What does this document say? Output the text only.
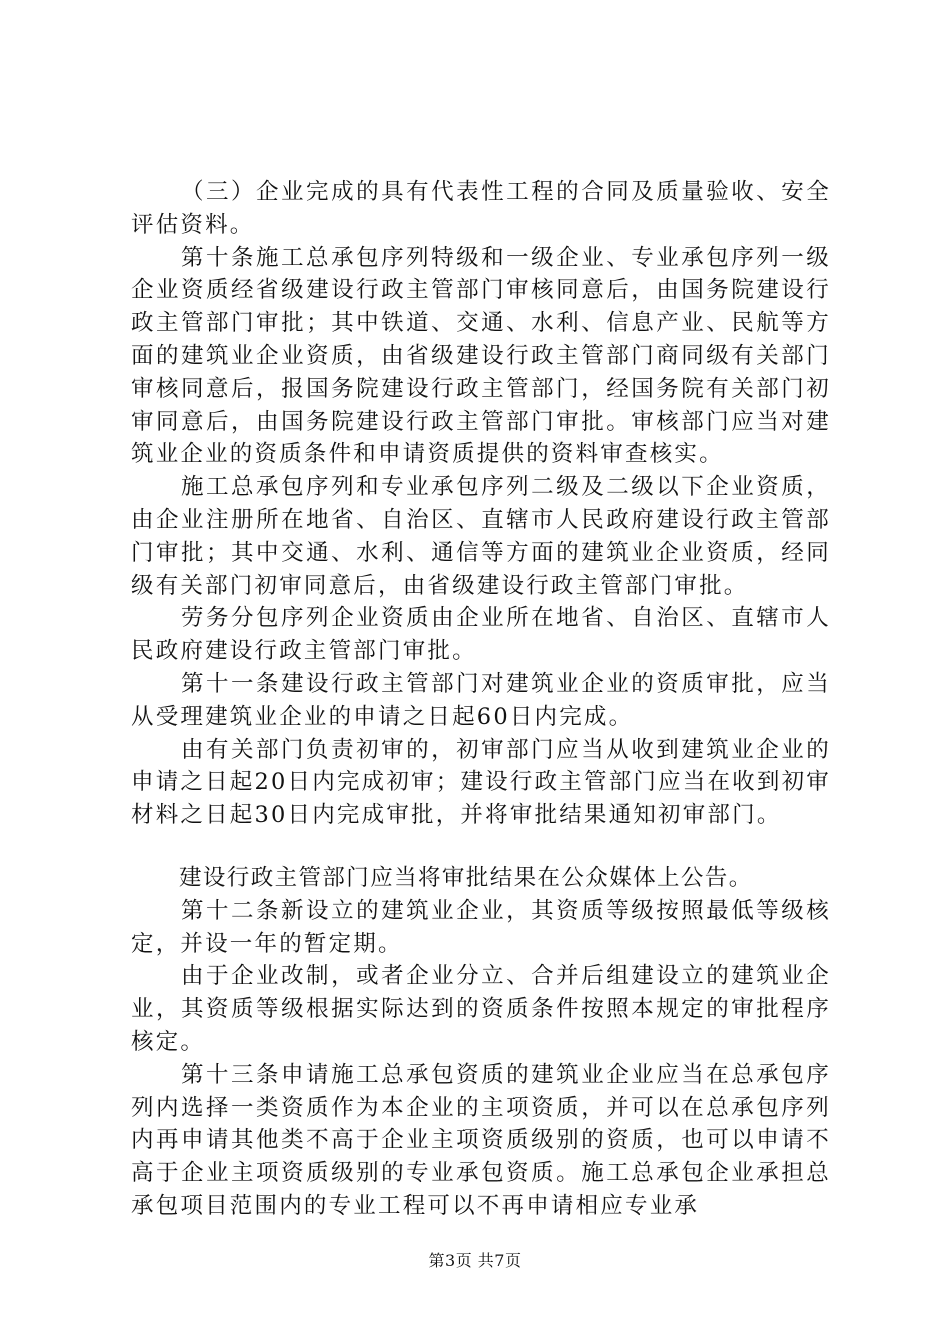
（三）企业完成的具有代表性工程的合同及质量验收、安全评估资料。

第十条施工总承包序列特级和一级企业、专业承包序列一级企业资质经省级建设行政主管部门审核同意后，由国务院建设行政主管部门审批；其中铁道、交通、水利、信息产业、民航等方面的建筑业企业资质，由省级建设行政主管部门商同级有关部门审核同意后，报国务院建设行政主管部门，经国务院有关部门初审同意后，由国务院建设行政主管部门审批。审核部门应当对建筑业企业的资质条件和申请资质提供的资料审查核实。

施工总承包序列和专业承包序列二级及二级以下企业资质，由企业注册所在地省、自治区、直辖市人民政府建设行政主管部门审批；其中交通、水利、通信等方面的建筑业企业资质，经同级有关部门初审同意后，由省级建设行政主管部门审批。

劳务分包序列企业资质由企业所在地省、自治区、直辖市人民政府建设行政主管部门审批。

第十一条建设行政主管部门对建筑业企业的资质审批，应当从受理建筑业企业的申请之日起60日内完成。

由有关部门负责初审的，初审部门应当从收到建筑业企业的申请之日起20日内完成初审；建设行政主管部门应当在收到初审材料之日起30日内完成审批，并将审批结果通知初审部门。

建设行政主管部门应当将审批结果在公众媒体上公告。

第十二条新设立的建筑业企业，其资质等级按照最低等级核定，并设一年的暂定期。

由于企业改制，或者企业分立、合并后组建设立的建筑业企业，其资质等级根据实际达到的资质条件按照本规定的审批程序核定。

第十三条申请施工总承包资质的建筑业企业应当在总承包序列内选择一类资质作为本企业的主项资质，并可以在总承包序列内再申请其他类不高于企业主项资质级别的资质，也可以申请不高于企业主项资质级别的专业承包资质。施工总承包企业承担总承包项目范围内的专业工程可以不再申请相应专业承

第3页 共7页
